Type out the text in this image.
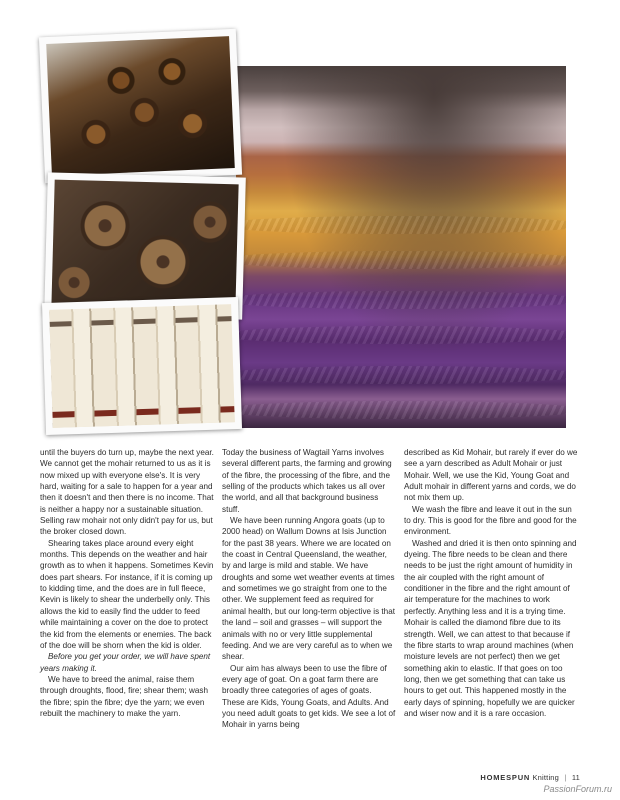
until the buyers do turn up, maybe the next year. We cannot get the mohair returned to us as it is now mixed up with everyone else's. It is very hard, waiting for a sale to happen for a year and then it doesn't and then there is no income. That is neither a happy nor a sustainable situation. Selling raw mohair not only didn't pay for us, but the broker closed down.

Shearing takes place around every eight months. This depends on the weather and hair growth as to when it happens. Sometimes Kevin does part shears. For instance, if it is coming up to kidding time, and the does are in full fleece, Kevin is likely to shear the underbelly only. This allows the kid to easily find the udder to feed while maintaining a cover on the doe to protect the kid from the elements or enemies. The back of the doe will be shorn when the kid is older.

Before you get your order, we will have spent years making it.

We have to breed the animal, raise them through droughts, flood, fire; shear them; wash the fibre; spin the fibre; dye the yarn; we even rebuilt the machinery to make the yarn.

Today the business of Wagtail Yarns involves several different parts, the farming and growing of the fibre, the processing of the fibre, and the selling of the products which takes us all over the world, and all that background business stuff.

We have been running Angora goats (up to 2000 head) on Wallum Downs at Isis Junction for the past 38 years. Where we are located on the coast in Central Queensland, the weather, by and large is mild and stable. We have droughts and some wet weather events at times and sometimes we go straight from one to the other. We supplement feed as required for animal health, but our long-term objective is that the land – soil and grasses – will support the animals with no or very little supplemental feeding. And we are very careful as to when we shear.

Our aim has always been to use the fibre of every age of goat. On a goat farm there are broadly three categories of ages of goats. These are Kids, Young Goats, and Adults. And you need adult goats to get kids. We see a lot of Mohair in yarns being

described as Kid Mohair, but rarely if ever do we see a yarn described as Adult Mohair or just Mohair. Well, we use the Kid, Young Goat and Adult mohair in different yarns and cords, we do not mix them up.

We wash the fibre and leave it out in the sun to dry. This is good for the fibre and good for the environment.

Washed and dried it is then onto spinning and dyeing. The fibre needs to be clean and there needs to be just the right amount of humidity in the air coupled with the right amount of conditioner in the fibre and the right amount of air temperature for the machines to work perfectly. Anything less and it is a trying time. Mohair is called the diamond fibre due to its strength. Well, we can attest to that because if the fibre starts to wrap around machines (when moisture levels are not perfect) then we get something akin to elastic. If that goes on too long, then we get something that can take us hours to get out. This happened mostly in the early days of spinning, hopefully we are quicker and wiser now and it is a rare occasion.

HOMESPUN Knitting | 11
PassionForum.ru
